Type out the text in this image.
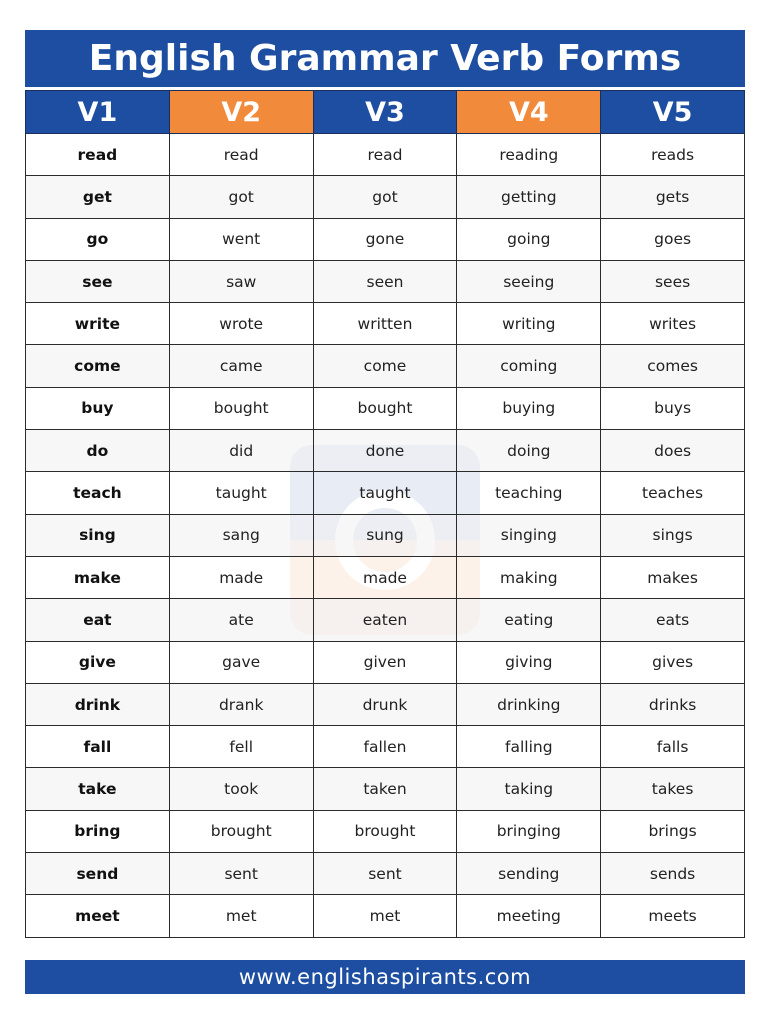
English Grammar Verb Forms
V1	V2	V3	V4	V5
read	read	read	reading	reads
get	got	got	getting	gets
go	went	gone	going	goes
see	saw	seen	seeing	sees
write	wrote	written	writing	writes
come	came	come	coming	comes
buy	bought	bought	buying	buys
do	did	done	doing	does
teach	taught	taught	teaching	teaches
sing	sang	sung	singing	sings
make	made	made	making	makes
eat	ate	eaten	eating	eats
give	gave	given	giving	gives
drink	drank	drunk	drinking	drinks
fall	fell	fallen	falling	falls
take	took	taken	taking	takes
bring	brought	brought	bringing	brings
send	sent	sent	sending	sends
meet	met	met	meeting	meets
www.englishaspirants.com
